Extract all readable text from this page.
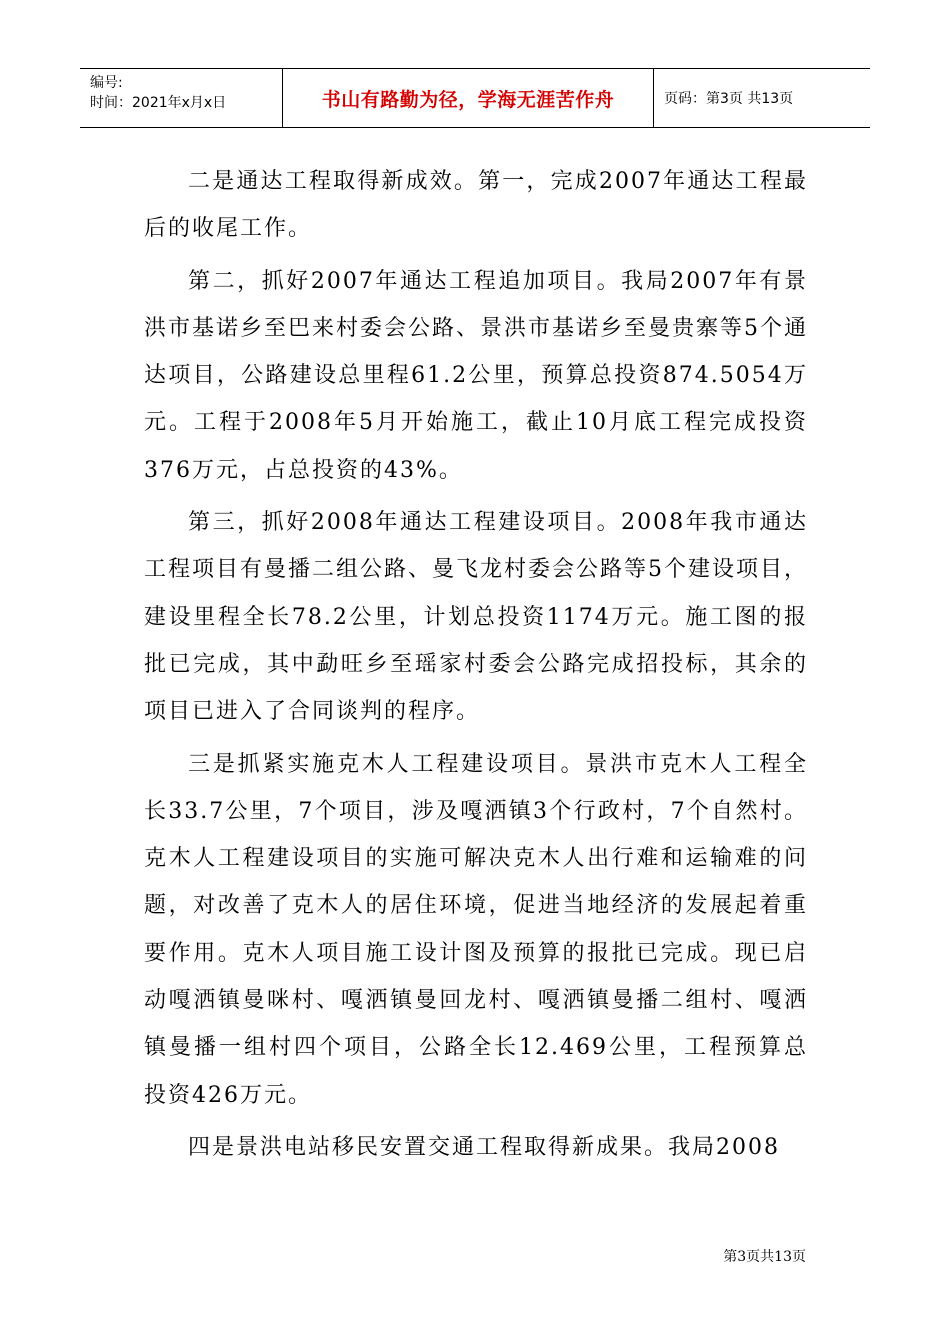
编号:
时间：2021年x月x日	书山有路勤为径，学海无涯苦作舟	页码：第3页 共13页

二是通达工程取得新成效。第一，完成2007年通达工程最后的收尾工作。

第二，抓好2007年通达工程追加项目。我局2007年有景洪市基诺乡至巴来村委会公路、景洪市基诺乡至曼贵寨等5个通达项目，公路建设总里程61.2公里，预算总投资874.5054万元。工程于2008年5月开始施工，截止10月底工程完成投资376万元，占总投资的43%。

第三，抓好2008年通达工程建设项目。2008年我市通达工程项目有曼播二组公路、曼飞龙村委会公路等5个建设项目，建设里程全长78.2公里，计划总投资1174万元。施工图的报批已完成，其中勐旺乡至瑶家村委会公路完成招投标，其余的项目已进入了合同谈判的程序。

三是抓紧实施克木人工程建设项目。景洪市克木人工程全长33.7公里，7个项目，涉及嘎洒镇3个行政村，7个自然村。克木人工程建设项目的实施可解决克木人出行难和运输难的问题，对改善了克木人的居住环境，促进当地经济的发展起着重要作用。克木人项目施工设计图及预算的报批已完成。现已启动嘎洒镇曼咪村、嘎洒镇曼回龙村、嘎洒镇曼播二组村、嘎洒镇曼播一组村四个项目，公路全长12.469公里，工程预算总投资426万元。

四是景洪电站移民安置交通工程取得新成果。我局2008

第3页共13页
